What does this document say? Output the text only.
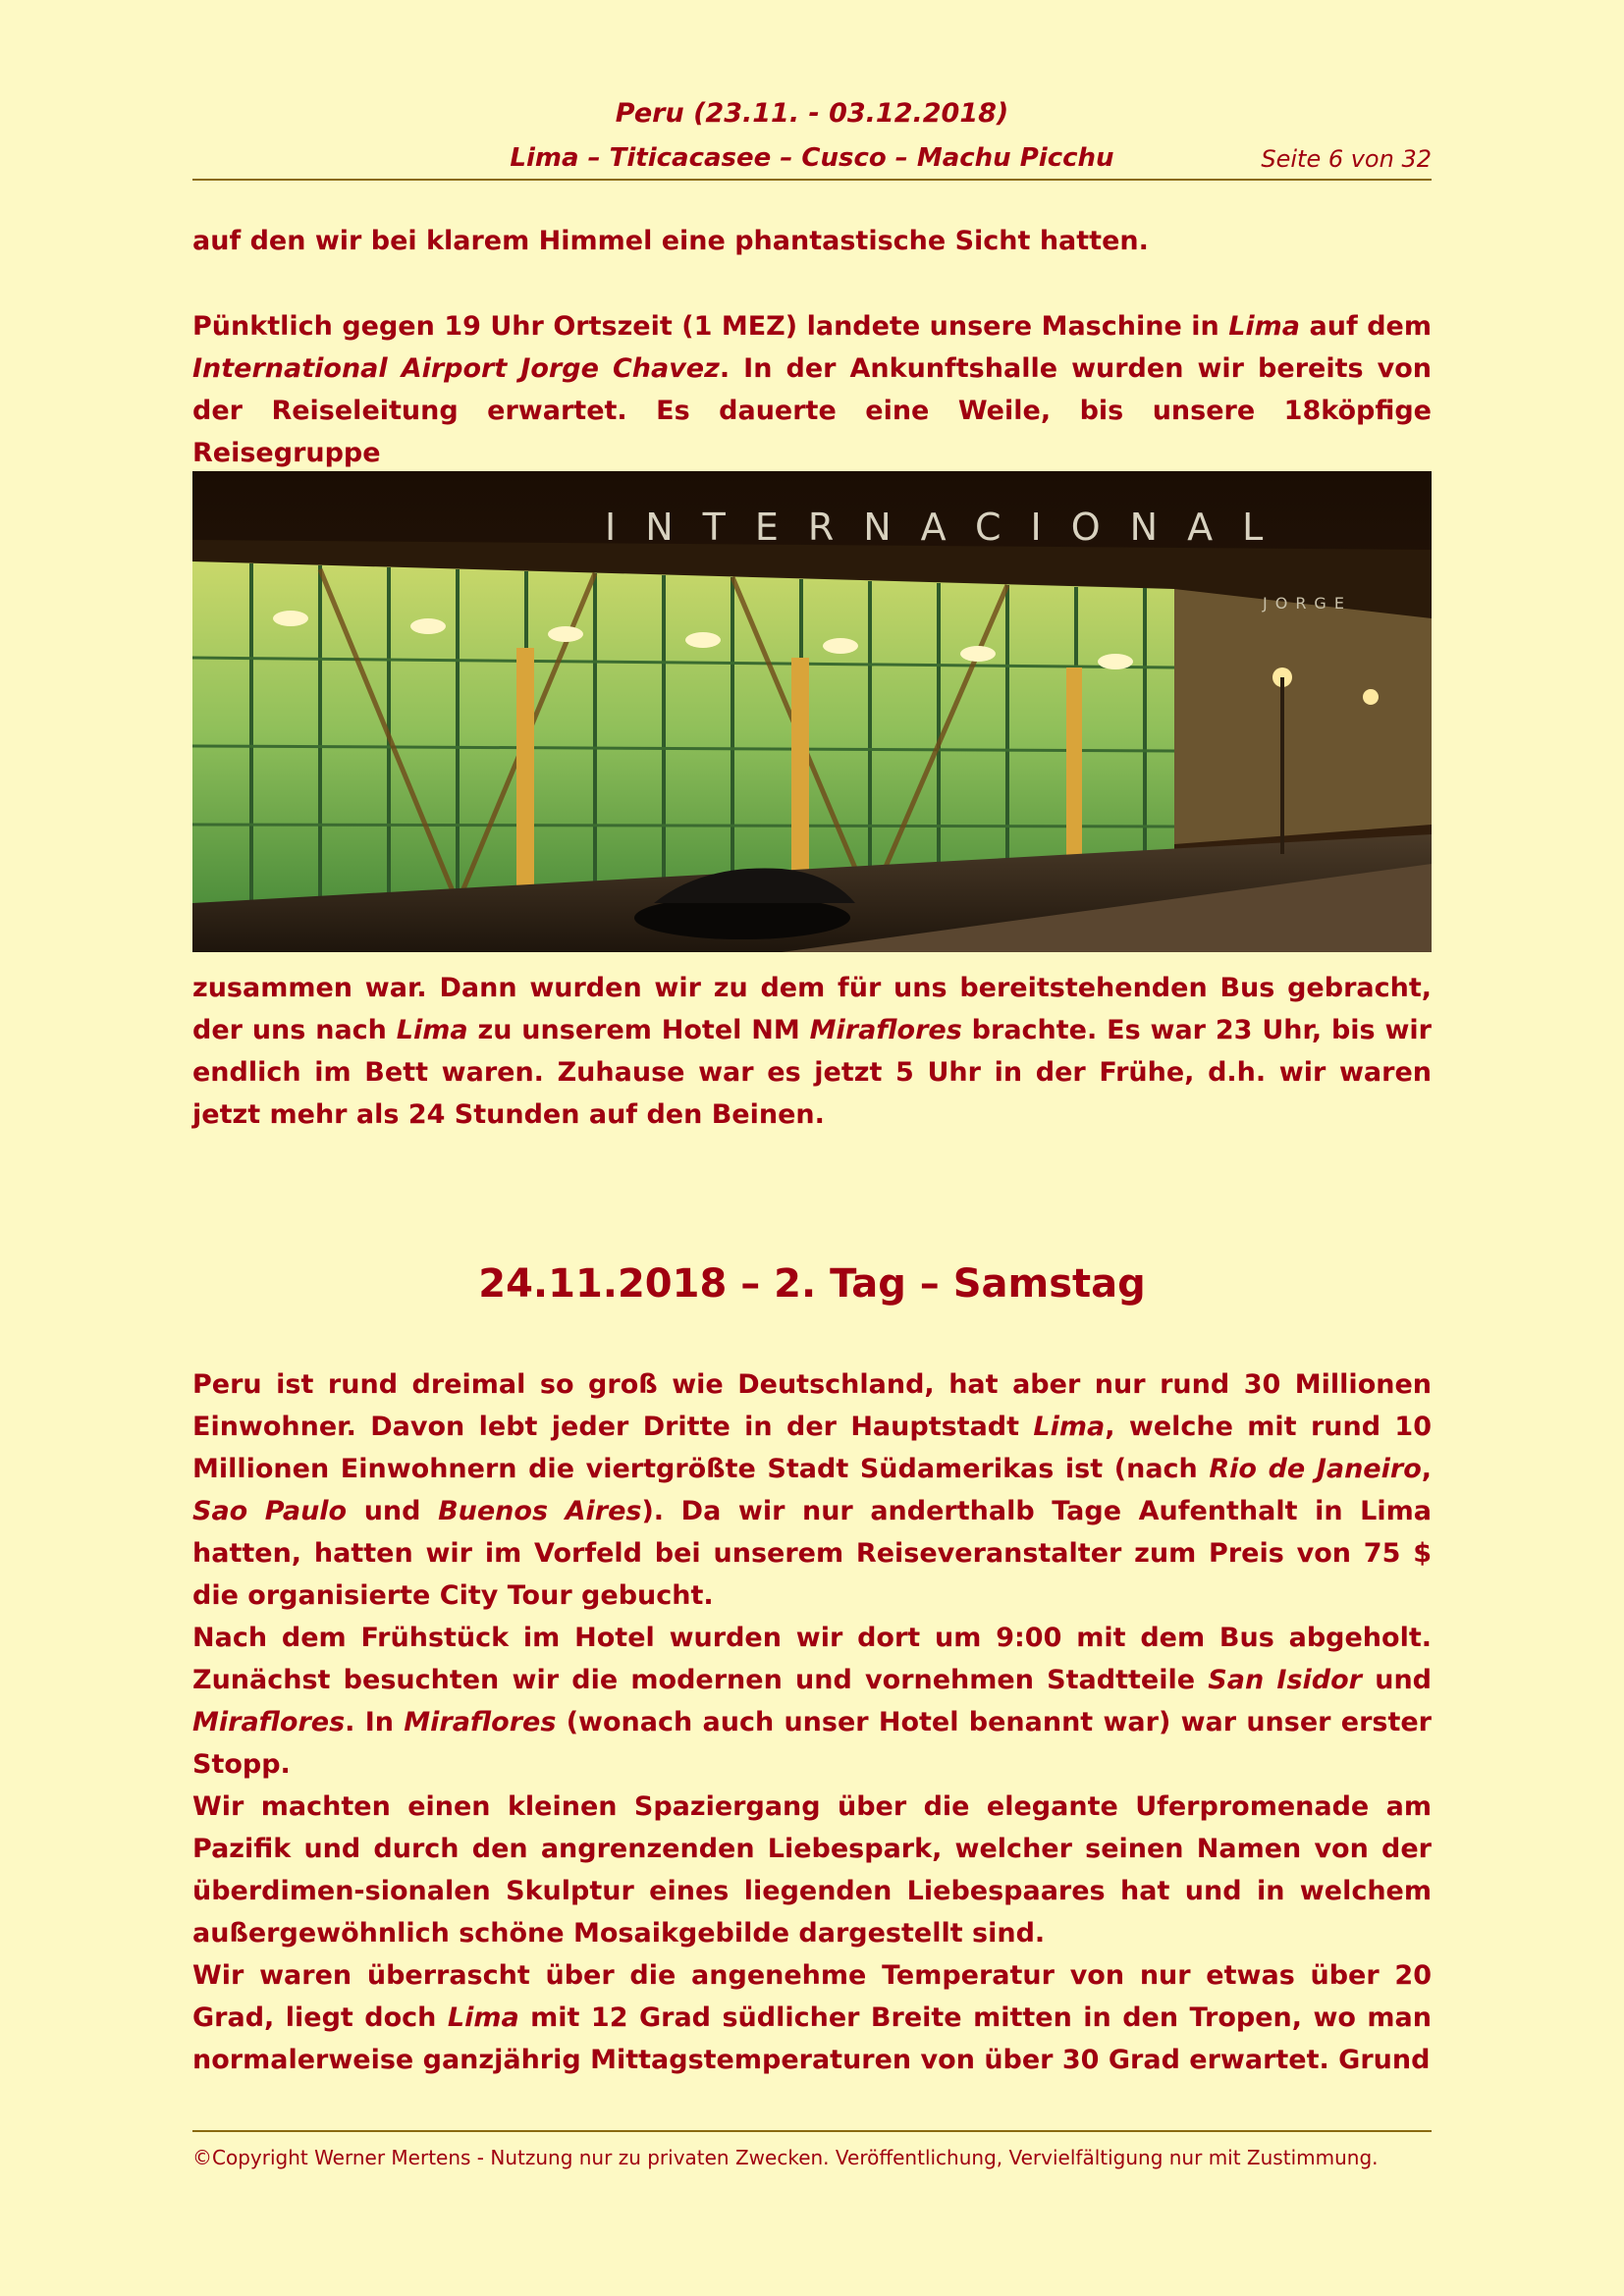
Peru (23.11. - 03.12.2018)
Lima – Titicacasee – Cusco – Machu Picchu	Seite 6 von 32
auf den wir bei klarem Himmel eine phantastische Sicht hatten.
Pünktlich gegen 19 Uhr Ortszeit (1 MEZ) landete unsere Maschine in Lima auf dem International Airport Jorge Chavez. In der Ankunftshalle wurden wir bereits von der Reiseleitung erwartet. Es dauerte eine Weile, bis unsere 18köpfige Reisegruppe
INTERNACIONAL
JORGE
zusammen war. Dann wurden wir zu dem für uns bereitstehenden Bus gebracht, der uns nach Lima zu unserem Hotel NM Miraflores brachte. Es war 23 Uhr, bis wir endlich im Bett waren. Zuhause war es jetzt 5 Uhr in der Frühe, d.h. wir waren jetzt mehr als 24 Stunden auf den Beinen.
24.11.2018 – 2. Tag – Samstag
Peru ist rund dreimal so groß wie Deutschland, hat aber nur rund 30 Millionen Einwohner. Davon lebt jeder Dritte in der Hauptstadt Lima, welche mit rund 10 Millionen Einwohnern die viertgrößte Stadt Südamerikas ist (nach Rio de Janeiro, Sao Paulo und Buenos Aires). Da wir nur anderthalb Tage Aufenthalt in Lima hatten, hatten wir im Vorfeld bei unserem Reiseveranstalter zum Preis von 75 $ die organisierte City Tour gebucht.
Nach dem Frühstück im Hotel wurden wir dort um 9:00 mit dem Bus abgeholt. Zunächst besuchten wir die modernen und vornehmen Stadtteile San Isidor und Miraflores. In Miraflores (wonach auch unser Hotel benannt war) war unser erster Stopp.
Wir machten einen kleinen Spaziergang über die elegante Uferpromenade am Pazifik und durch den angrenzenden Liebespark, welcher seinen Namen von der überdimen-sionalen Skulptur eines liegenden Liebespaares hat und in welchem außergewöhnlich schöne Mosaikgebilde dargestellt sind.
Wir waren überrascht über die angenehme Temperatur von nur etwas über 20 Grad, liegt doch Lima mit 12 Grad südlicher Breite mitten in den Tropen, wo man normalerweise ganzjährig Mittagstemperaturen von über 30 Grad erwartet. Grund
©Copyright Werner Mertens - Nutzung nur zu privaten Zwecken. Veröffentlichung, Vervielfältigung nur mit Zustimmung.
